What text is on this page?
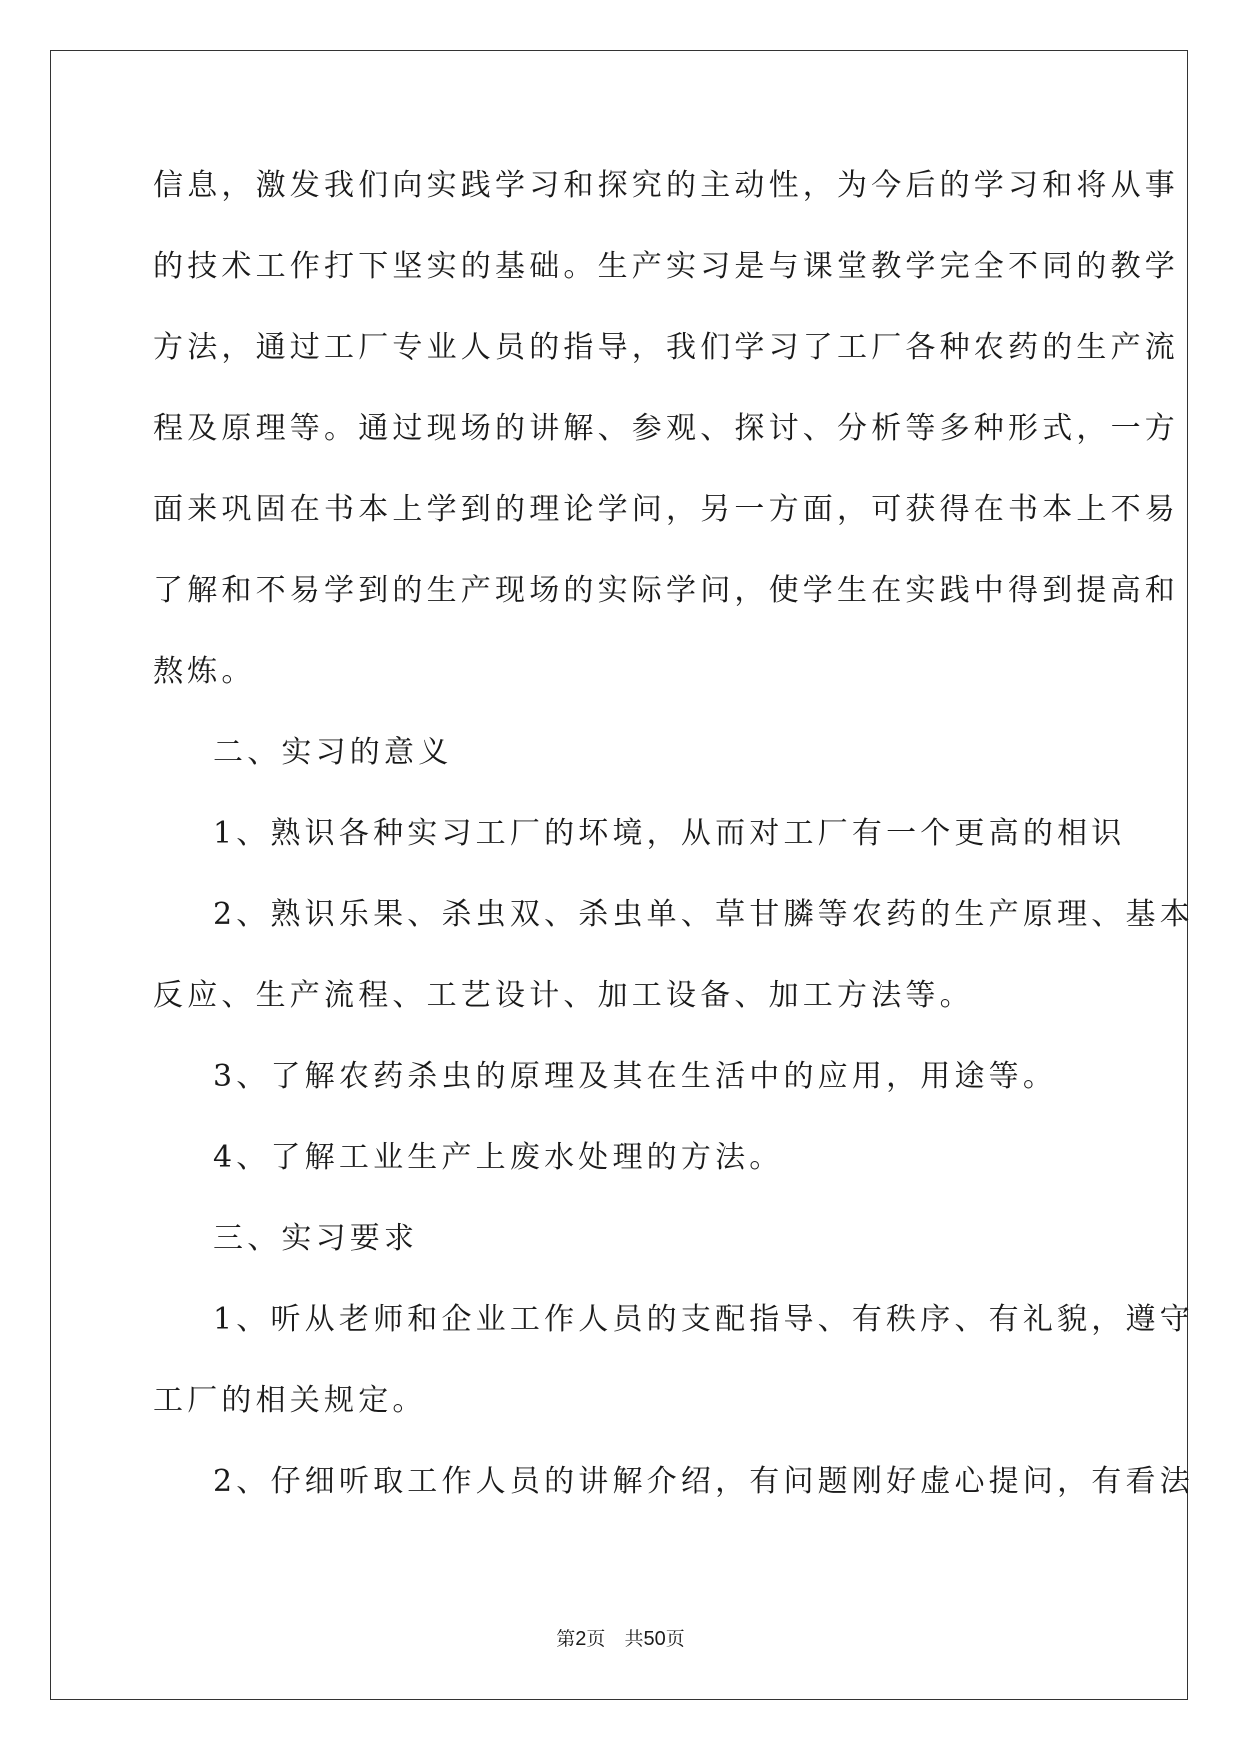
信息，激发我们向实践学习和探究的主动性，为今后的学习和将从事
的技术工作打下坚实的基础。生产实习是与课堂教学完全不同的教学
方法，通过工厂专业人员的指导，我们学习了工厂各种农药的生产流
程及原理等。通过现场的讲解、参观、探讨、分析等多种形式，一方
面来巩固在书本上学到的理论学问，另一方面，可获得在书本上不易
了解和不易学到的生产现场的实际学问，使学生在实践中得到提高和
熬炼。
二、实习的意义
1、熟识各种实习工厂的坏境，从而对工厂有一个更高的相识
2、熟识乐果、杀虫双、杀虫单、草甘膦等农药的生产原理、基本
反应、生产流程、工艺设计、加工设备、加工方法等。
3、了解农药杀虫的原理及其在生活中的应用，用途等。
4、了解工业生产上废水处理的方法。
三、实习要求
1、听从老师和企业工作人员的支配指导、有秩序、有礼貌，遵守
工厂的相关规定。
2、仔细听取工作人员的讲解介绍，有问题刚好虚心提问，有看法
第2页  共50页
